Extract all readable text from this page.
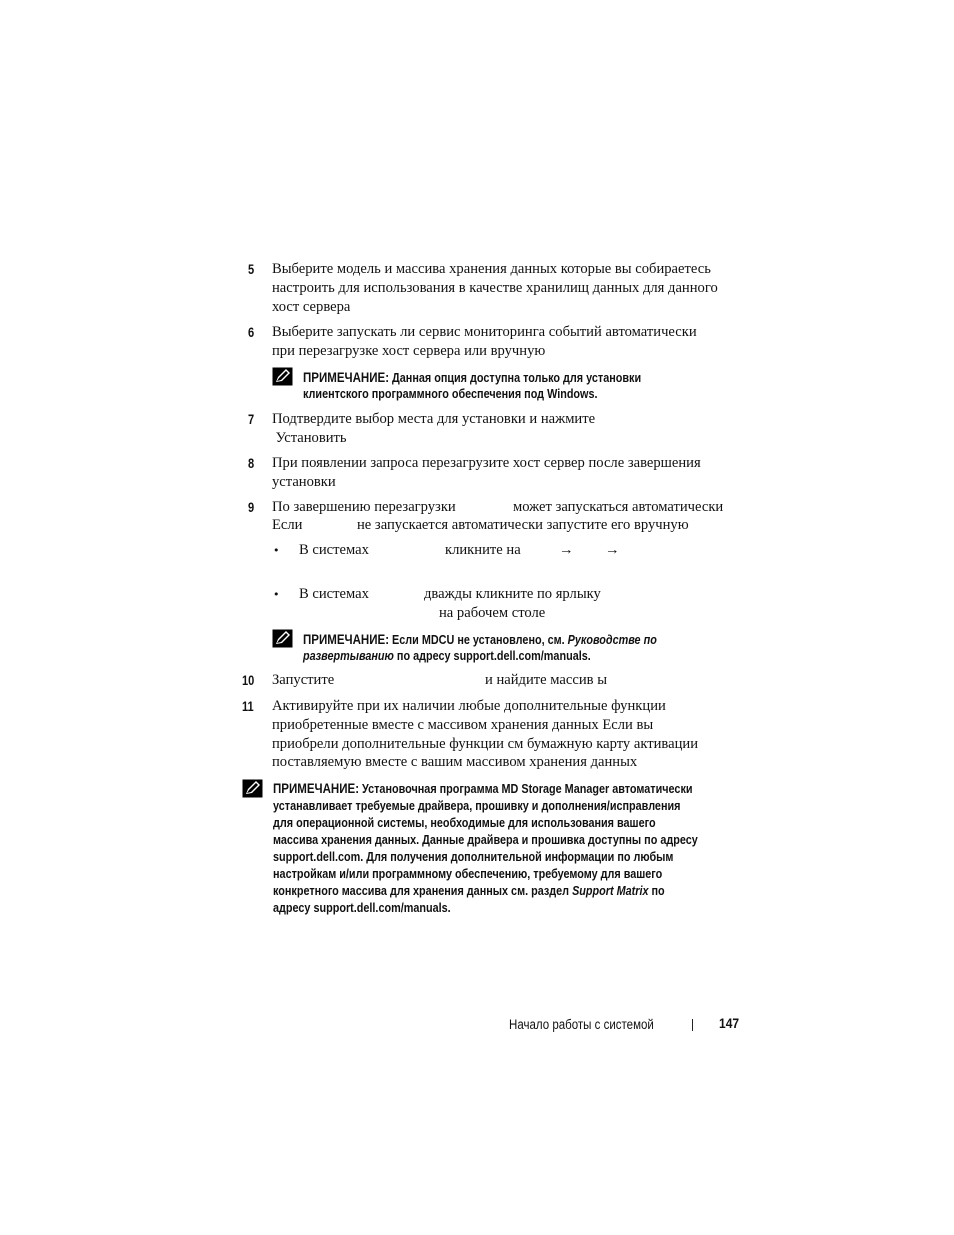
5 Выберите модель и массива хранения данных которые вы собираетесь
настроить для использования в качестве хранилищ данных для данного
хост сервера
6 Выберите запускать ли сервис мониторинга событий автоматически
при перезагрузке хост сервера или вручную
ПРИМЕЧАНИЕ: Данная опция доступна только для установки
клиентского программного обеспечения под Windows.
7 Подтвердите выбор места для установки и нажмите
Установить
8 При появлении запроса перезагрузите хост сервер после завершения
установки
9 По завершению перезагрузки	может запускаться автоматически
Если	не запускается автоматически запустите его вручную
• В системах	кликните на	→ →
• В системах	дважды кликните по ярлыку
на рабочем столе
ПРИМЕЧАНИЕ: Если MDCU не установлено, см. Руководстве по
развертыванию по адресу support.dell.com/manuals.
10 Запустите	и найдите массив ы
11 Активируйте при их наличии любые дополнительные функции
приобретенные вместе с массивом хранения данных Если вы
приобрели дополнительные функции см бумажную карту активации
поставляемую вместе с вашим массивом хранения данных
ПРИМЕЧАНИЕ: Установочная программа MD Storage Manager автоматически
устанавливает требуемые драйвера, прошивку и дополнения/исправления
для операционной системы, необходимые для использования вашего
массива хранения данных. Данные драйвера и прошивка доступны по адресу
support.dell.com. Для получения дополнительной информации по любым
настройкам и/или программному обеспечению, требуемому для вашего
конкретного массива для хранения данных см. раздел Support Matrix по
адресу support.dell.com/manuals.
Начало работы с системой	147
